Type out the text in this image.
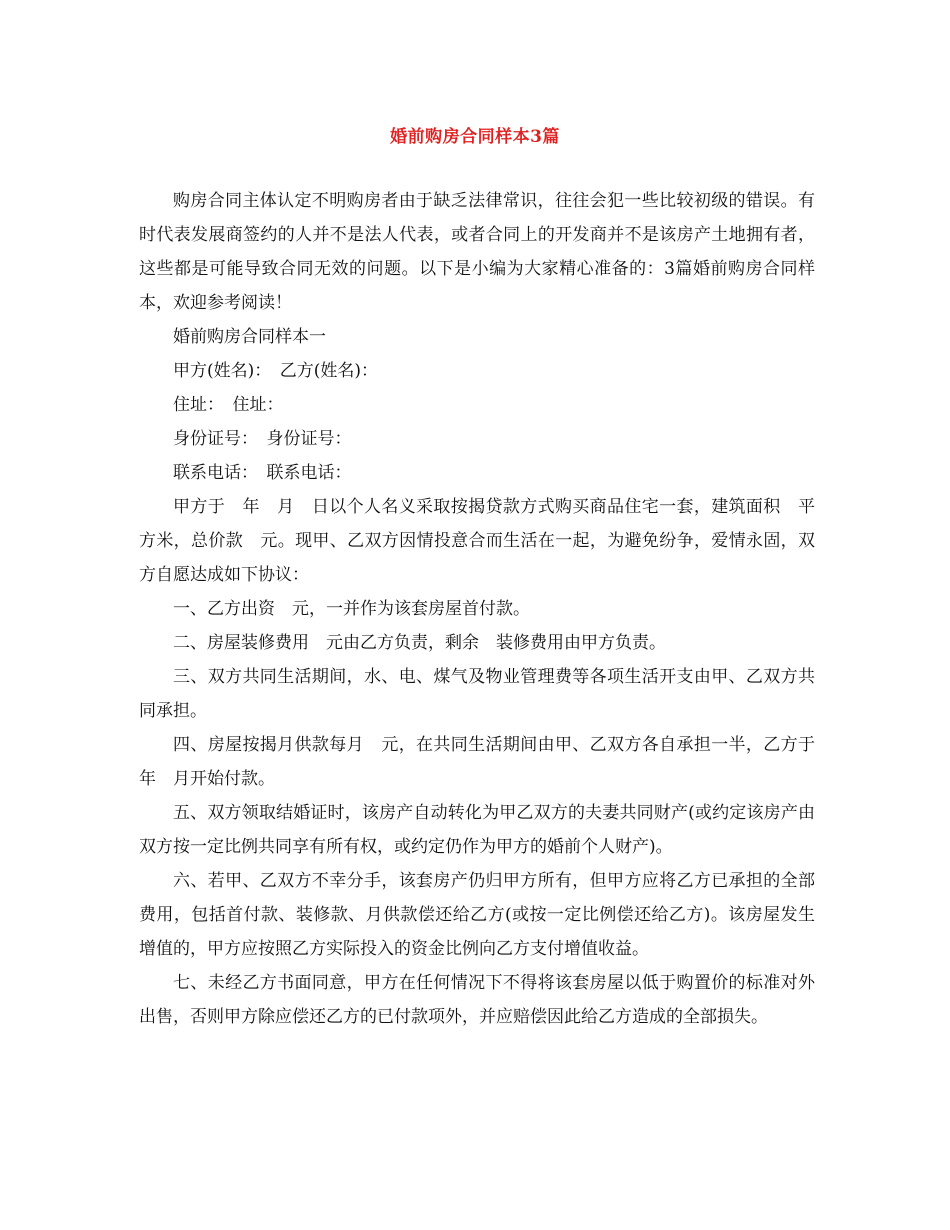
婚前购房合同样本3篇

购房合同主体认定不明购房者由于缺乏法律常识，往往会犯一些比较初级的错误。有时代表发展商签约的人并不是法人代表，或者合同上的开发商并不是该房产土地拥有者，这些都是可能导致合同无效的问题。以下是小编为大家精心准备的：3篇婚前购房合同样本，欢迎参考阅读！

婚前购房合同样本一

甲方(姓名)：　乙方(姓名)：

住址：　住址：

身份证号：　身份证号：

联系电话：　联系电话：

甲方于　年　月　日以个人名义采取按揭贷款方式购买商品住宅一套，建筑面积　平方米，总价款　元。现甲、乙双方因情投意合而生活在一起，为避免纷争，爱情永固，双方自愿达成如下协议：

一、乙方出资　元，一并作为该套房屋首付款。

二、房屋装修费用　元由乙方负责，剩余　装修费用由甲方负责。

三、双方共同生活期间，水、电、煤气及物业管理费等各项生活开支由甲、乙双方共同承担。

四、房屋按揭月供款每月　元，在共同生活期间由甲、乙双方各自承担一半，乙方于　年　月开始付款。

五、双方领取结婚证时，该房产自动转化为甲乙双方的夫妻共同财产(或约定该房产由双方按一定比例共同享有所有权，或约定仍作为甲方的婚前个人财产)。

六、若甲、乙双方不幸分手，该套房产仍归甲方所有，但甲方应将乙方已承担的全部费用，包括首付款、装修款、月供款偿还给乙方(或按一定比例偿还给乙方)。该房屋发生增值的，甲方应按照乙方实际投入的资金比例向乙方支付增值收益。

七、未经乙方书面同意，甲方在任何情况下不得将该套房屋以低于购置价的标准对外出售，否则甲方除应偿还乙方的已付款项外，并应赔偿因此给乙方造成的全部损失。
